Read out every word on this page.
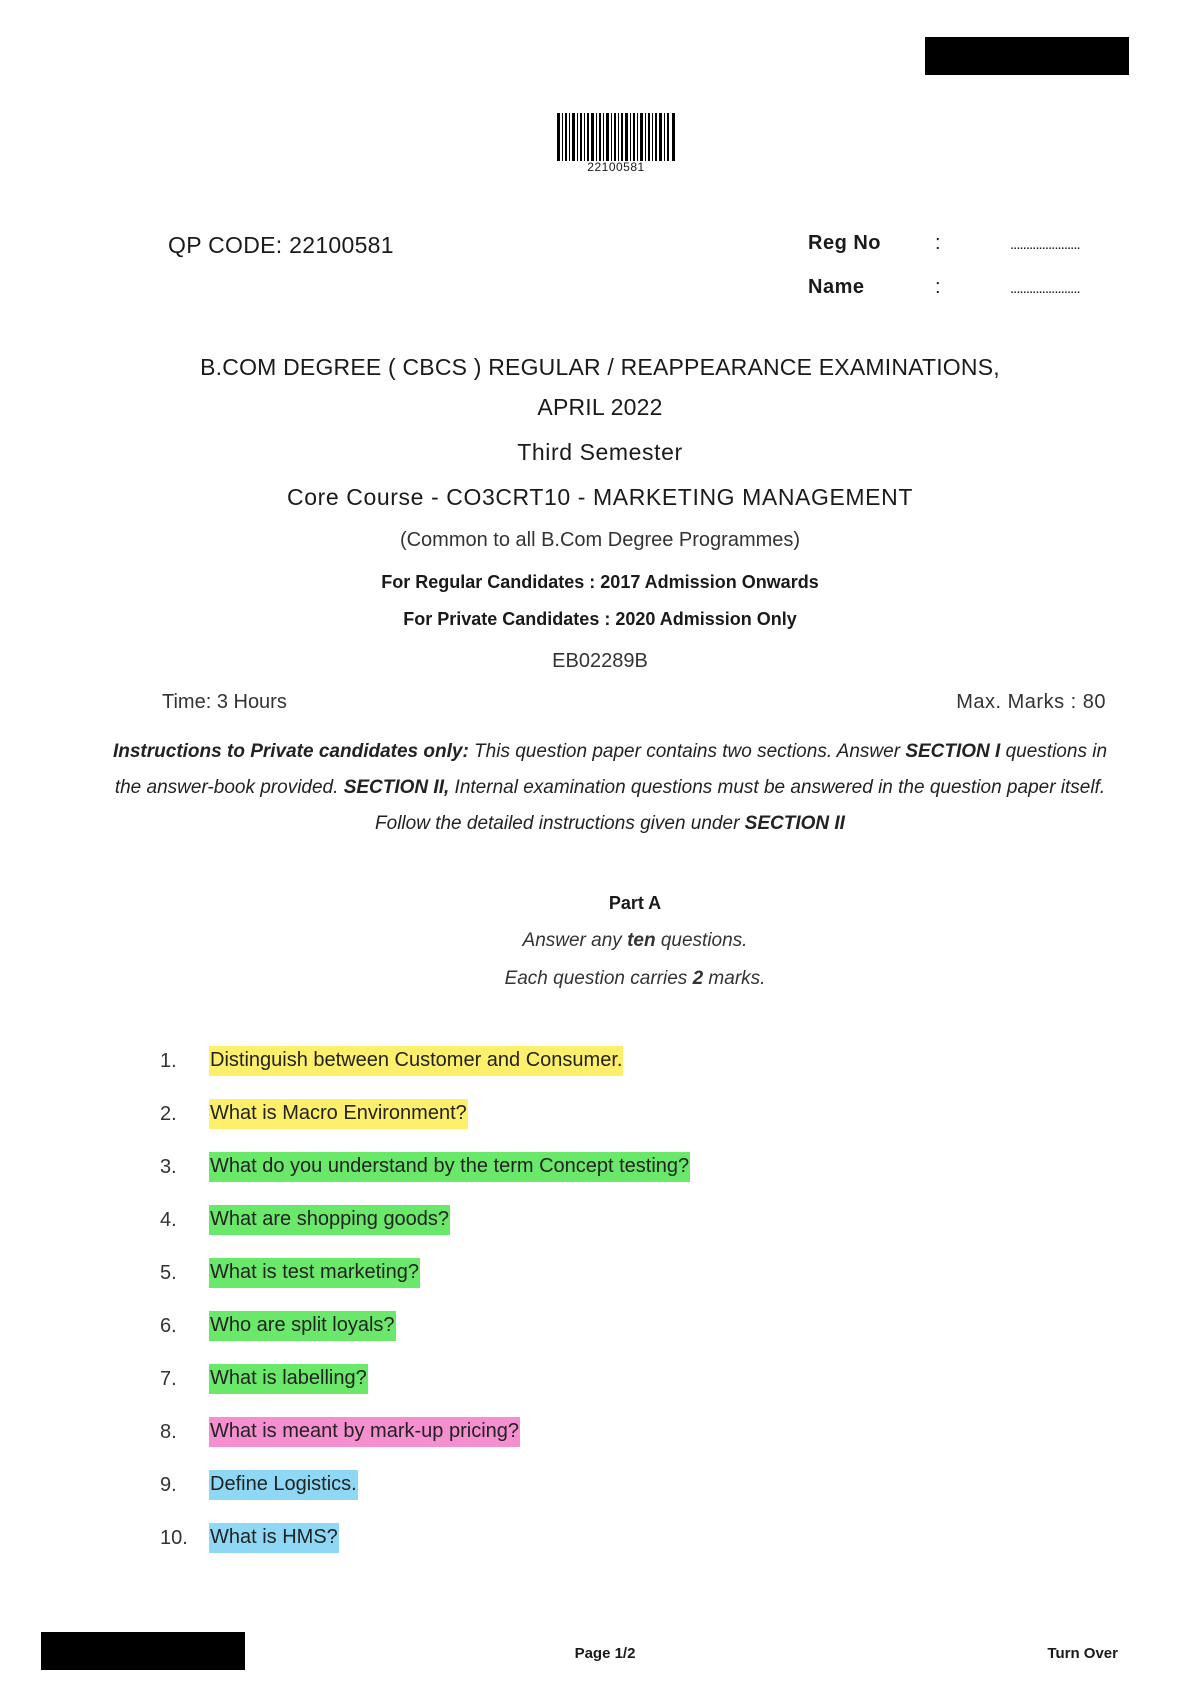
22100581
QP CODE: 22100581	Reg No	:	......................
Name	:	......................
B.COM DEGREE ( CBCS ) REGULAR / REAPPEARANCE EXAMINATIONS,
APRIL 2022
Third Semester
Core Course - CO3CRT10 - MARKETING MANAGEMENT
(Common to all B.Com Degree Programmes)
For Regular Candidates : 2017 Admission Onwards
For Private Candidates : 2020 Admission Only
EB02289B
Time: 3 Hours	Max. Marks : 80
Instructions to Private candidates only: This question paper contains two sections. Answer SECTION I questions in the answer-book provided. SECTION II, Internal examination questions must be answered in the question paper itself. Follow the detailed instructions given under SECTION II
Part A
Answer any ten questions.
Each question carries 2 marks.
1.	Distinguish between Customer and Consumer.
2.	What is Macro Environment?
3.	What do you understand by the term Concept testing?
4.	What are shopping goods?
5.	What is test marketing?
6.	Who are split loyals?
7.	What is labelling?
8.	What is meant by mark-up pricing?
9.	Define Logistics.
10.	What is HMS?
Page 1/2	Turn Over
